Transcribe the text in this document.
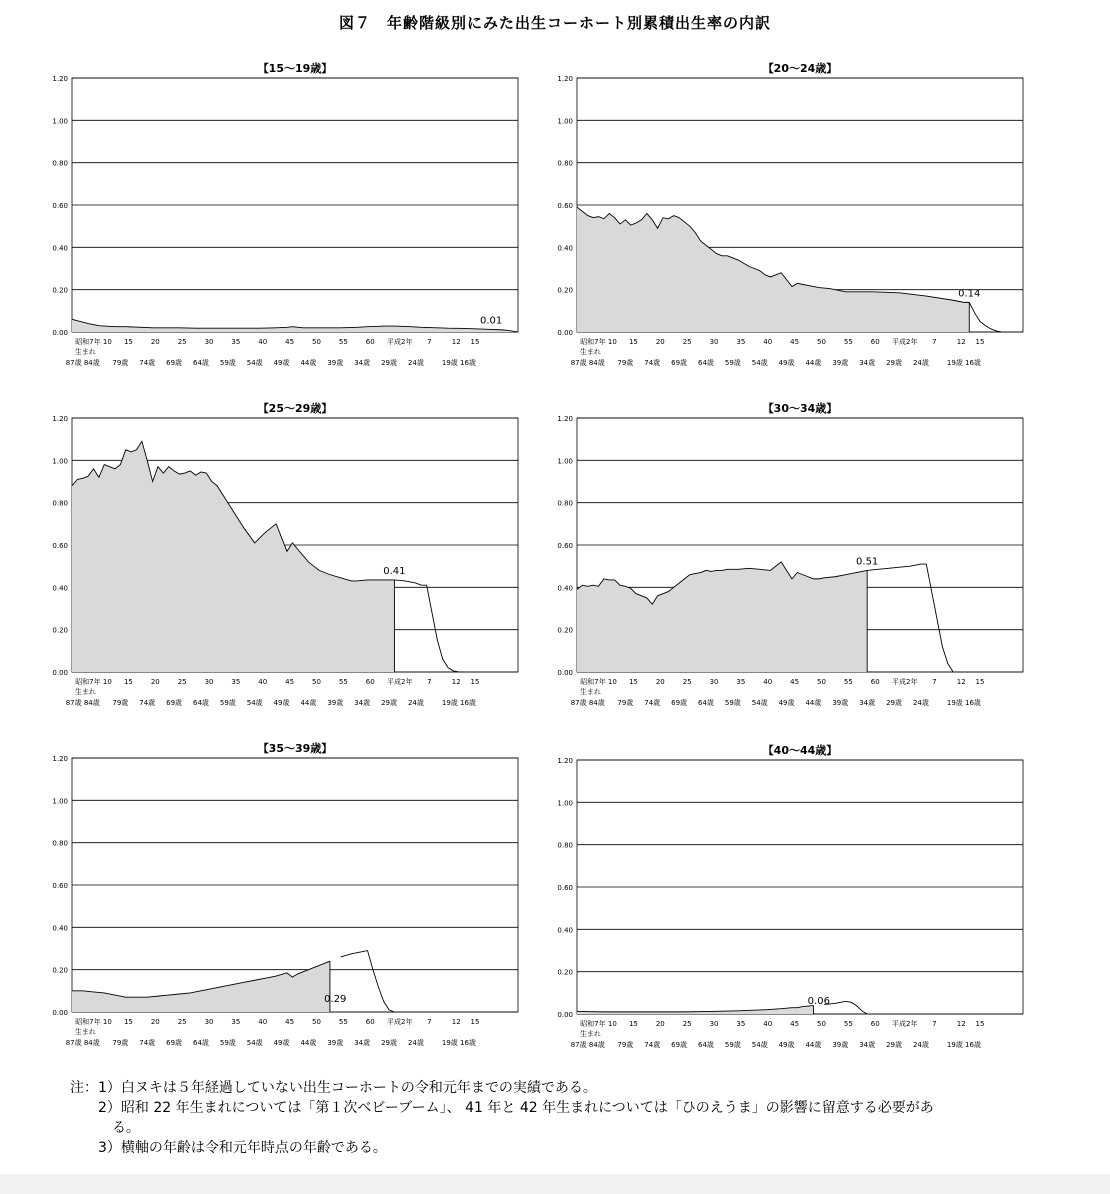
図７　年齢階級別にみた出生コーホート別累積出生率の内訳
【15～19歳】
0.00
0.20
0.40
0.60
0.80
1.00
1.20
0.01
昭和7年 10 15	20	25	30	35	40	45	50	55	60 平成2年 7	12 15
生まれ
87歳 84歳 79歳 74歳 69歳 64歳 59歳 54歳 49歳 44歳 39歳 34歳 29歳 24歳	19歳 16歳
【20～24歳】
0.00
0.20
0.40
0.60
0.80
1.00
1.20
0.14
昭和7年 10 15	20	25	30	35	40	45	50	55	60 平成2年 7	12 15
生まれ
87歳 84歳 79歳 74歳 69歳 64歳 59歳 54歳 49歳 44歳 39歳 34歳 29歳 24歳	19歳 16歳
【25～29歳】
0.00
0.20
0.40
0.60
0.80
1.00
1.20
0.41
昭和7年 10 15	20	25	30	35	40	45	50	55	60 平成2年 7	12 15
生まれ
87歳 84歳 79歳 74歳 69歳 64歳 59歳 54歳 49歳 44歳 39歳 34歳 29歳 24歳	19歳 16歳
【30～34歳】
0.00
0.20
0.40
0.60
0.80
1.00
1.20
0.51
昭和7年 10 15	20	25	30	35	40	45	50	55	60 平成2年 7	12 15
生まれ
87歳 84歳 79歳 74歳 69歳 64歳 59歳 54歳 49歳 44歳 39歳 34歳 29歳 24歳	19歳 16歳
【35～39歳】
0.00
0.20
0.40
0.60
0.80
1.00
1.20
0.29
昭和7年 10 15	20	25	30	35	40	45	50	55	60 平成2年 7	12 15
生まれ
87歳 84歳 79歳 74歳 69歳 64歳 59歳 54歳 49歳 44歳 39歳 34歳 29歳 24歳	19歳 16歳
【40～44歳】
0.00
0.20
0.40
0.60
0.80
1.00
1.20
0.06
昭和7年 10 15	20	25	30	35	40	45	50	55	60 平成2年 7	12 15
生まれ
87歳 84歳 79歳 74歳 69歳 64歳 59歳 54歳 49歳 44歳 39歳 34歳 29歳 24歳	19歳 16歳
注：1）白ヌキは５年経過していない出生コーホートの令和元年までの実績である。
2）昭和 22 年生まれについては「第１次ベビーブーム」、 41 年と 42 年生まれについては「ひのえうま」の影響に留意する必要があ
る。
3）横軸の年齢は令和元年時点の年齢である。
